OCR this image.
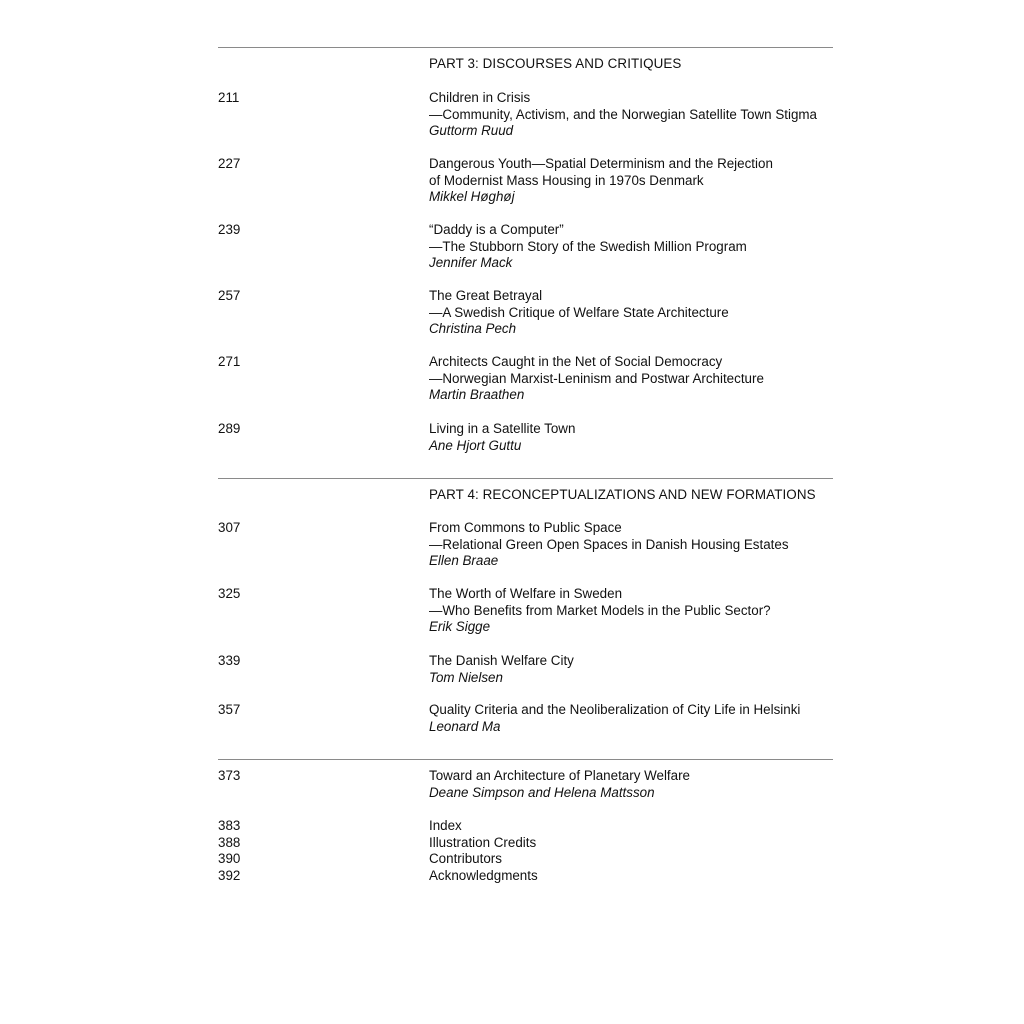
PART 3: DISCOURSES AND CRITIQUES
211	Children in Crisis
—Community, Activism, and the Norwegian Satellite Town Stigma
Guttorm Ruud
227	Dangerous Youth—Spatial Determinism and the Rejection
of Modernist Mass Housing in 1970s Denmark
Mikkel Høghøj
239	“Daddy is a Computer”
—The Stubborn Story of the Swedish Million Program
Jennifer Mack
257	The Great Betrayal
—A Swedish Critique of Welfare State Architecture
Christina Pech
271	Architects Caught in the Net of Social Democracy
—Norwegian Marxist-Leninism and Postwar Architecture
Martin Braathen
289	Living in a Satellite Town
Ane Hjort Guttu
PART 4: RECONCEPTUALIZATIONS AND NEW FORMATIONS
307	From Commons to Public Space
—Relational Green Open Spaces in Danish Housing Estates
Ellen Braae
325	The Worth of Welfare in Sweden
—Who Benefits from Market Models in the Public Sector?
Erik Sigge
339	The Danish Welfare City
Tom Nielsen
357	Quality Criteria and the Neoliberalization of City Life in Helsinki
Leonard Ma
373	Toward an Architecture of Planetary Welfare
Deane Simpson and Helena Mattsson
383	Index
388	Illustration Credits
390	Contributors
392	Acknowledgments
